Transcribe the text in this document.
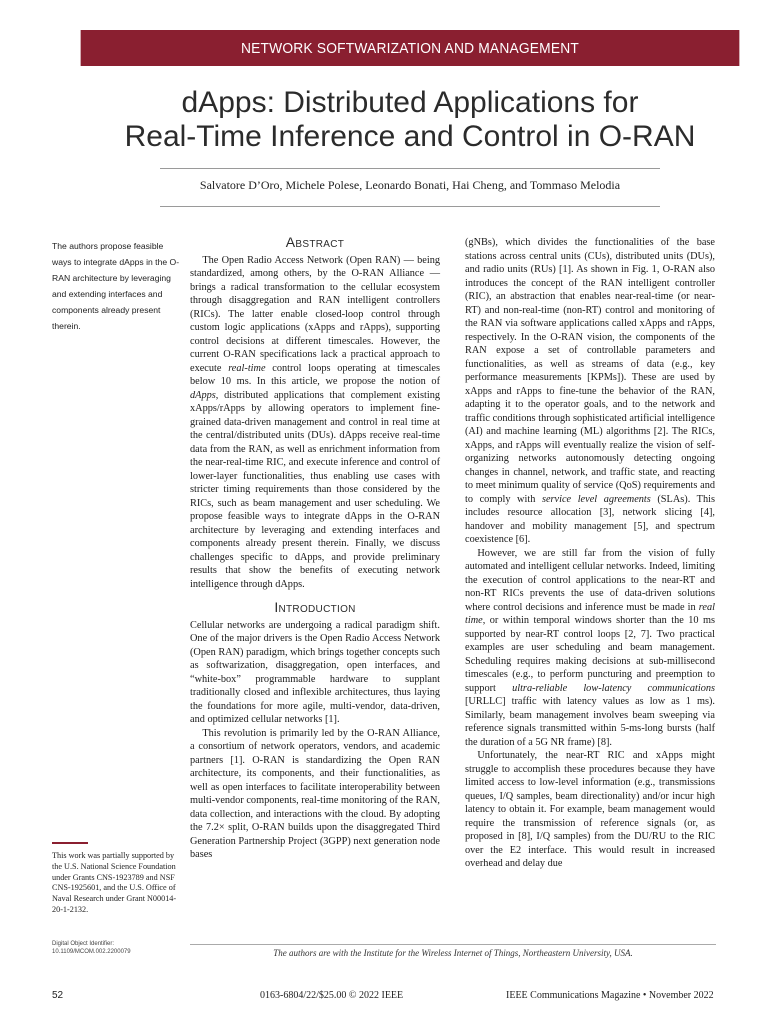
NETWORK SOFTWARIZATION AND MANAGEMENT
dApps: Distributed Applications for
Real-Time Inference and Control in O-RAN
Salvatore D’Oro, Michele Polese, Leonardo Bonati, Hai Cheng, and Tommaso Melodia
The authors propose feasible ways to integrate dApps in the O-RAN architecture by leveraging and extending interfaces and components already present therein.
This work was partially supported by the U.S. National Science Foundation under Grants CNS-1923789 and NSF CNS-1925601, and the U.S. Office of Naval Research under Grant N00014-20-1-2132.
Digital Object Identifier:
10.1109/MCOM.002.2200079
Abstract

The Open Radio Access Network (Open RAN) — being standardized, among others, by the O-RAN Alliance — brings a radical transformation to the cellular ecosystem through disaggregation and RAN intelligent controllers (RICs). The latter enable closed-loop control through custom logic applications (xApps and rApps), supporting control decisions at different timescales. However, the current O-RAN specifications lack a practical approach to execute real-time control loops operating at timescales below 10 ms. In this article, we propose the notion of dApps, distributed applications that complement existing xApps/rApps by allowing operators to implement fine-grained data-driven management and control in real time at the central/distributed units (DUs). dApps receive real-time data from the RAN, as well as enrichment information from the near-real-time RIC, and execute inference and control of lower-layer functionalities, thus enabling use cases with stricter timing requirements than those considered by the RICs, such as beam management and user scheduling. We propose feasible ways to integrate dApps in the O-RAN architecture by leveraging and extending interfaces and components already present therein. Finally, we discuss challenges specific to dApps, and provide preliminary results that show the benefits of executing network intelligence through dApps.

Introduction

Cellular networks are undergoing a radical paradigm shift. One of the major drivers is the Open Radio Access Network (Open RAN) paradigm, which brings together concepts such as softwarization, disaggregation, open interfaces, and “white-box” programmable hardware to supplant traditionally closed and inflexible architectures, thus laying the foundations for more agile, multi-vendor, data-driven, and optimized cellular networks [1].

This revolution is primarily led by the O-RAN Alliance, a consortium of network operators, vendors, and academic partners [1]. O-RAN is standardizing the Open RAN architecture, its components, and their functionalities, as well as open interfaces to facilitate interoperability between multi-vendor components, real-time monitoring of the RAN, data collection, and interactions with the cloud. By adopting the 7.2× split, O-RAN builds upon the disaggregated Third Generation Partnership Project (3GPP) next generation node bases

(gNBs), which divides the functionalities of the base stations across central units (CUs), distributed units (DUs), and radio units (RUs) [1]. As shown in Fig. 1, O-RAN also introduces the concept of the RAN intelligent controller (RIC), an abstraction that enables near-real-time (or near-RT) and non-real-time (non-RT) control and monitoring of the RAN via software applications called xApps and rApps, respectively. In the O-RAN vision, the components of the RAN expose a set of controllable parameters and functionalities, as well as streams of data (e.g., key performance measurements [KPMs]). These are used by xApps and rApps to fine-tune the behavior of the RAN, adapting it to the operator goals, and to the network and traffic conditions through sophisticated artificial intelligence (AI) and machine learning (ML) algorithms [2]. The RICs, xApps, and rApps will eventually realize the vision of self-organizing networks autonomously detecting ongoing changes in channel, network, and traffic state, and reacting to meet minimum quality of service (QoS) requirements and to comply with service level agreements (SLAs). This includes resource allocation [3], network slicing [4], handover and mobility management [5], and spectrum coexistence [6].

However, we are still far from the vision of fully automated and intelligent cellular networks. Indeed, limiting the execution of control applications to the near-RT and non-RT RICs prevents the use of data-driven solutions where control decisions and inference must be made in real time, or within temporal windows shorter than the 10 ms supported by near-RT control loops [2, 7]. Two practical examples are user scheduling and beam management. Scheduling requires making decisions at sub-millisecond timescales (e.g., to perform puncturing and preemption to support ultra-reliable low-latency communications [URLLC] traffic with latency values as low as 1 ms). Similarly, beam management involves beam sweeping via reference signals transmitted within 5-ms-long bursts (half the duration of a 5G NR frame) [8].

Unfortunately, the near-RT RIC and xApps might struggle to accomplish these procedures because they have limited access to low-level information (e.g., transmissions queues, I/Q samples, beam directionality) and/or incur high latency to obtain it. For example, beam management would require the transmission of reference signals (or, as proposed in [8], I/Q samples) from the DU/RU to the RIC over the E2 interface. This would result in increased overhead and delay due

The authors are with the Institute for the Wireless Internet of Things, Northeastern University, USA.
52	0163-6804/22/$25.00 © 2022 IEEE	IEEE Communications Magazine • November 2022
